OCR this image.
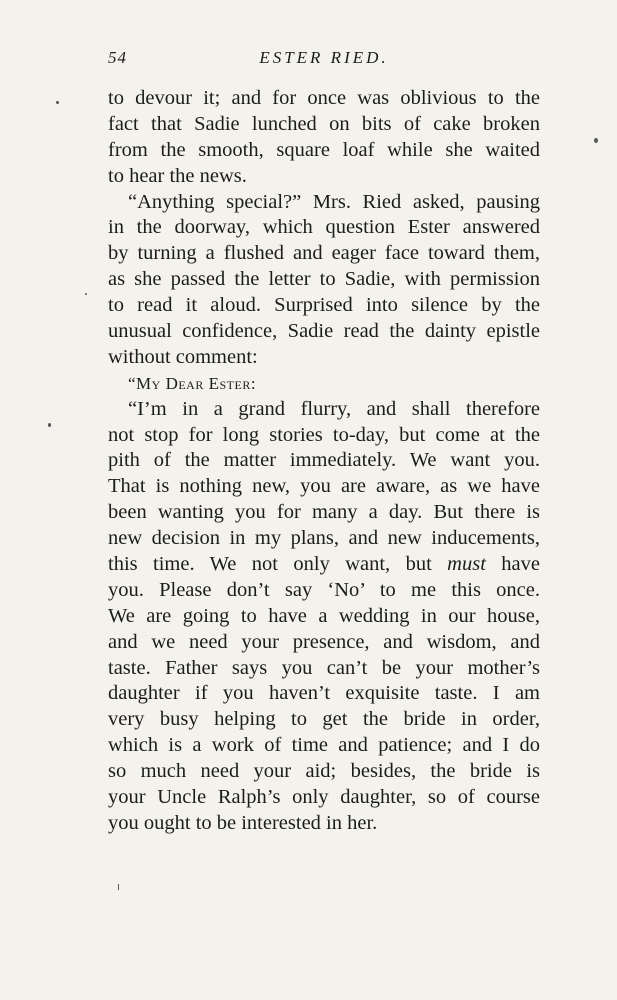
54	ESTER RIED.
to devour it; and for once was oblivious to the
fact that Sadie lunched on bits of cake broken
from the smooth, square loaf while she waited
to hear the news.
“Anything special?” Mrs. Ried asked, pausing
in the doorway, which question Ester answered
by turning a flushed and eager face toward them,
as she passed the letter to Sadie, with permission
to read it aloud. Surprised into silence by the
unusual confidence, Sadie read the dainty epistle
without comment:
“My Dear Ester:
“I’m in a grand flurry, and shall therefore
not stop for long stories to-day, but come at the
pith of the matter immediately. We want you.
That is nothing new, you are aware, as we have
been wanting you for many a day. But there is
new decision in my plans, and new inducements,
this time. We not only want, but must have
you. Please don’t say ‘No’ to me this once.
We are going to have a wedding in our house,
and we need your presence, and wisdom, and
taste. Father says you can’t be your mother’s
daughter if you haven’t exquisite taste. I am
very busy helping to get the bride in order,
which is a work of time and patience; and I do
so much need your aid; besides, the bride is
your Uncle Ralph’s only daughter, so of course
you ought to be interested in her.
